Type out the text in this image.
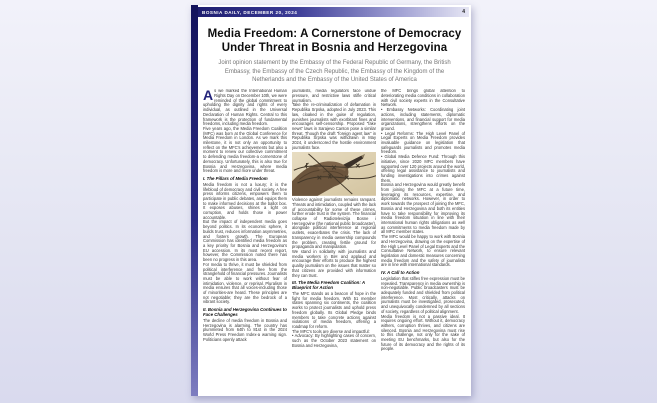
BOSNIA DAILY, DECEMBER 20, 2024	4
Media Freedom: A Cornerstone of Democracy Under Threat in Bosnia and Herzegovina

Joint opinion statement by the Embassy of the Federal Republic of Germany, the British Embassy, the Embassy of the Czech Republic, the Embassy of the Kingdom of the Netherlands and the Embassy of the United States of America

As we marked the International Human Rights Day on December 10th, we were reminded of the global commitment to upholding the dignity and rights of every individual, as outlined in the Universal Declaration of Human Rights. Central to this framework is the protection of fundamental freedoms, including media freedom.

Five years ago, the Media Freedom Coalition (MFC) was born at the Global Conference for Media Freedom in London. As we mark this milestone, it is not only an opportunity to reflect on the MFC's achievements but also a moment to renew our collective commitment to defending media freedom-a cornerstone of democracy. Unfortunately, this is also true for Bosnia and Herzegovina, where media freedom is more and more under threat.

I. The Pillars of Media Freedom

Media freedom is not a luxury; it is the lifeblood of democracy and civil society. A free press informs citizens, empowers them to participate in public debates, and equips them to make informed decisions at the ballot box. It exposes abuses, shines a light on corruption, and holds those in power accountable.

But the impact of independent media goes beyond politics. In its economic sphere, it builds trust, reduces information asymmetries, and fosters growth. The European Commission has identified media freedom as a key priority for Bosnia and Herzegovina's EU accession. In its most recent report, however, the Commission noted there has been no progress in this area.

For media to thrive, it must be shielded from political interference and free from the stranglehold of financial pressures. Journalists must be able to work without fear of intimidation, violence, or reprisal. Pluralism in media ensures that all voices-including those of minorities-are heard. These principles are not negotiable; they are the bedrock of a vibrant society.

II. Bosnia and Herzegovina Continues to Face Challenges

The decline of media freedom in Bosnia and Herzegovina is alarming. The country has plummeted from 64th to 81st in the 2024 World Press Freedom Index-a warning sign. Politicians openly attack

journalists, media regulators face undue pressure, and restrictive laws stifle critical journalism.

Take the re-criminalization of defamation in Republika Srpska, adopted in July 2023. This law, cloaked in the guise of regulation, punishes journalists with exorbitant fines and encourages self-censorship. Proposed "fake news" laws in Sarajevo Canton pose a similar threat. Though the draft "foreign agent law" in Republika Srpska was withdrawn in May 2024, it underscored the hostile environment journalists face.

Violence against journalists remains rampant. Threats and intimidation, coupled with the lack of accountability for some of these crimes, further erode trust in the system. The financial collapse of Radiotelevizija Bosne i Hercegovine (the national public broadcaster), alongside political interference at regional outlets, exacerbates the crisis. The lack of transparency in media ownership compounds the problem, creating fertile ground for propaganda and manipulation.

We stand in solidarity with journalists and media workers in BiH and applaud and encourage their efforts to produce the highest quality journalism on the issues that matter so that citizens are provided with information they can trust.

III. The Media Freedom Coalition: A Blueprint for Action

The MFC stands as a beacon of hope in the fight for media freedom. With 51 member states spanning six continents, the coalition works to protect journalists and uphold press freedom globally. Its Global Pledge binds members to take concrete actions against violations of media freedom, offering a roadmap for reform.

The MFC's tools are diverse and impactful:

• Advocacy: By highlighting cases of concern, such as the October 2023 statement on Bosnia and Herzegovina,

the MFC brings global attention to deteriorating media conditions in collaboration with civil society experts in the Consultative Network.

• Embassy Networks: Coordinating joint actions, including statements, diplomatic interventions, and financial support for media organizations, strengthens efforts on the ground.

• Legal Reforms: The High Level Panel of Legal Experts on Media Freedom provides invaluable guidance on legislation that safeguards journalists and promotes media freedom.

• Global Media Defence Fund: Through this initiative, since 2020 MFC members have supported over 120 projects around the world, offering legal assistance to journalists and funding investigations into crimes against them.

Bosnia and Herzegovina would greatly benefit from joining the MFC at a future time, leveraging its resources, expertise, and diplomatic networks. However, in order to work towards the prospect of joining the MFC, Bosnia and Herzegovina and both its entities have to take responsibility for improving its media freedom situation in line with their international human rights obligations as well as commitments to media freedom made by all MFC member states.

The MFC would be happy to work with Bosnia and Herzegovina, drawing on the expertise of the High Level Panel of Legal Experts and the Consultative Network, to ensure relevant legislation and domestic measures concerning media freedom and the safety of journalists are in line with international standards.

IV. A Call to Action

Legislation that stifles free expression must be repealed. Transparency in media ownership is non-negotiable. Public broadcasters must be adequately funded and shielded from political interference. Most critically, attacks on journalists must be investigated, prosecuted, and unequivocally condemned by all sections of society, regardless of political alignment.

Media freedom is not a passive ideal. It requires ongoing effort. Without it, democracy withers, corruption thrives, and citizens are silenced. Bosnia and Herzegovina must rise to this challenge, not only for the sake of meeting EU benchmarks, but also for the future of its democracy and the rights of its people.
